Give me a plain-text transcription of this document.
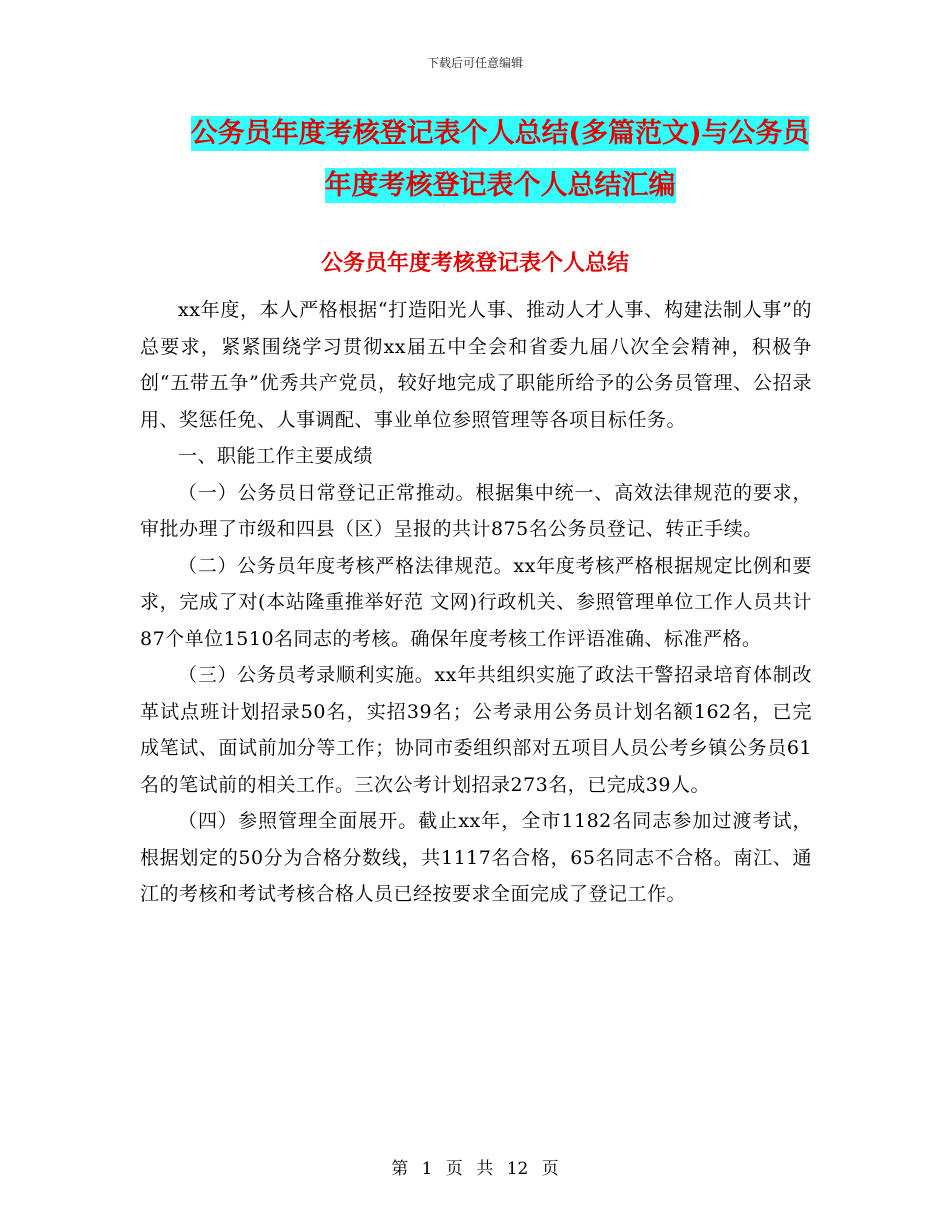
下载后可任意编辑
公务员年度考核登记表个人总结(多篇范文)与公务员
年度考核登记表个人总结汇编
公务员年度考核登记表个人总结

xx年度，本人严格根据“打造阳光人事、推动人才人事、构建法制人事”的总要求，紧紧围绕学习贯彻xx届五中全会和省委九届八次全会精神，积极争创“五带五争”优秀共产党员，较好地完成了职能所给予的公务员管理、公招录用、奖惩任免、人事调配、事业单位参照管理等各项目标任务。

一、职能工作主要成绩

（一）公务员日常登记正常推动。根据集中统一、高效法律规范的要求，审批办理了市级和四县（区）呈报的共计875名公务员登记、转正手续。

（二）公务员年度考核严格法律规范。xx年度考核严格根据规定比例和要求，完成了对(本站隆重推举好范 文网)行政机关、参照管理单位工作人员共计87个单位1510名同志的考核。确保年度考核工作评语准确、标准严格。

（三）公务员考录顺利实施。xx年共组织实施了政法干警招录培育体制改革试点班计划招录50名，实招39名；公考录用公务员计划名额162名，已完成笔试、面试前加分等工作；协同市委组织部对五项目人员公考乡镇公务员61名的笔试前的相关工作。三次公考计划招录273名，已完成39人。

（四）参照管理全面展开。截止xx年，全市1182名同志参加过渡考试，根据划定的50分为合格分数线，共1117名合格，65名同志不合格。南江、通江的考核和考试考核合格人员已经按要求全面完成了登记工作。

第 1 页 共 12 页
